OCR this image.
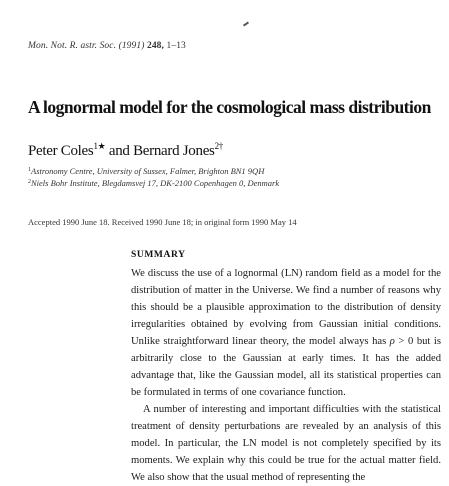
Mon. Not. R. astr. Soc. (1991) 248, 1–13
A lognormal model for the cosmological mass distribution
Peter Coles$^{1★}$ and Bernard Jones$^{2\dagger}$
$^1$Astronomy Centre, University of Sussex, Falmer, Brighton BN1 9QH
$^2$Niels Bohr Institute, Blegdamsvej 17, DK-2100 Copenhagen 0, Denmark
Accepted 1990 June 18. Received 1990 June 18; in original form 1990 May 14
SUMMARY

We discuss the use of a lognormal (LN) random field as a model for the distribution of matter in the Universe. We find a number of reasons why this should be a plausible approximation to the distribution of density irregularities obtained by evolving from Gaussian initial conditions. Unlike straightforward linear theory, the model always has ρ > 0 but is arbitrarily close to the Gaussian at early times. It has the added advantage that, like the Gaussian model, all its statistical properties can be formulated in terms of one covariance function.

A number of interesting and important difficulties with the statistical treatment of density perturbations are revealed by an analysis of this model. In particular, the LN model is not completely specified by its moments. We explain why this could be true for the actual matter field. We also show that the usual method of representing the
